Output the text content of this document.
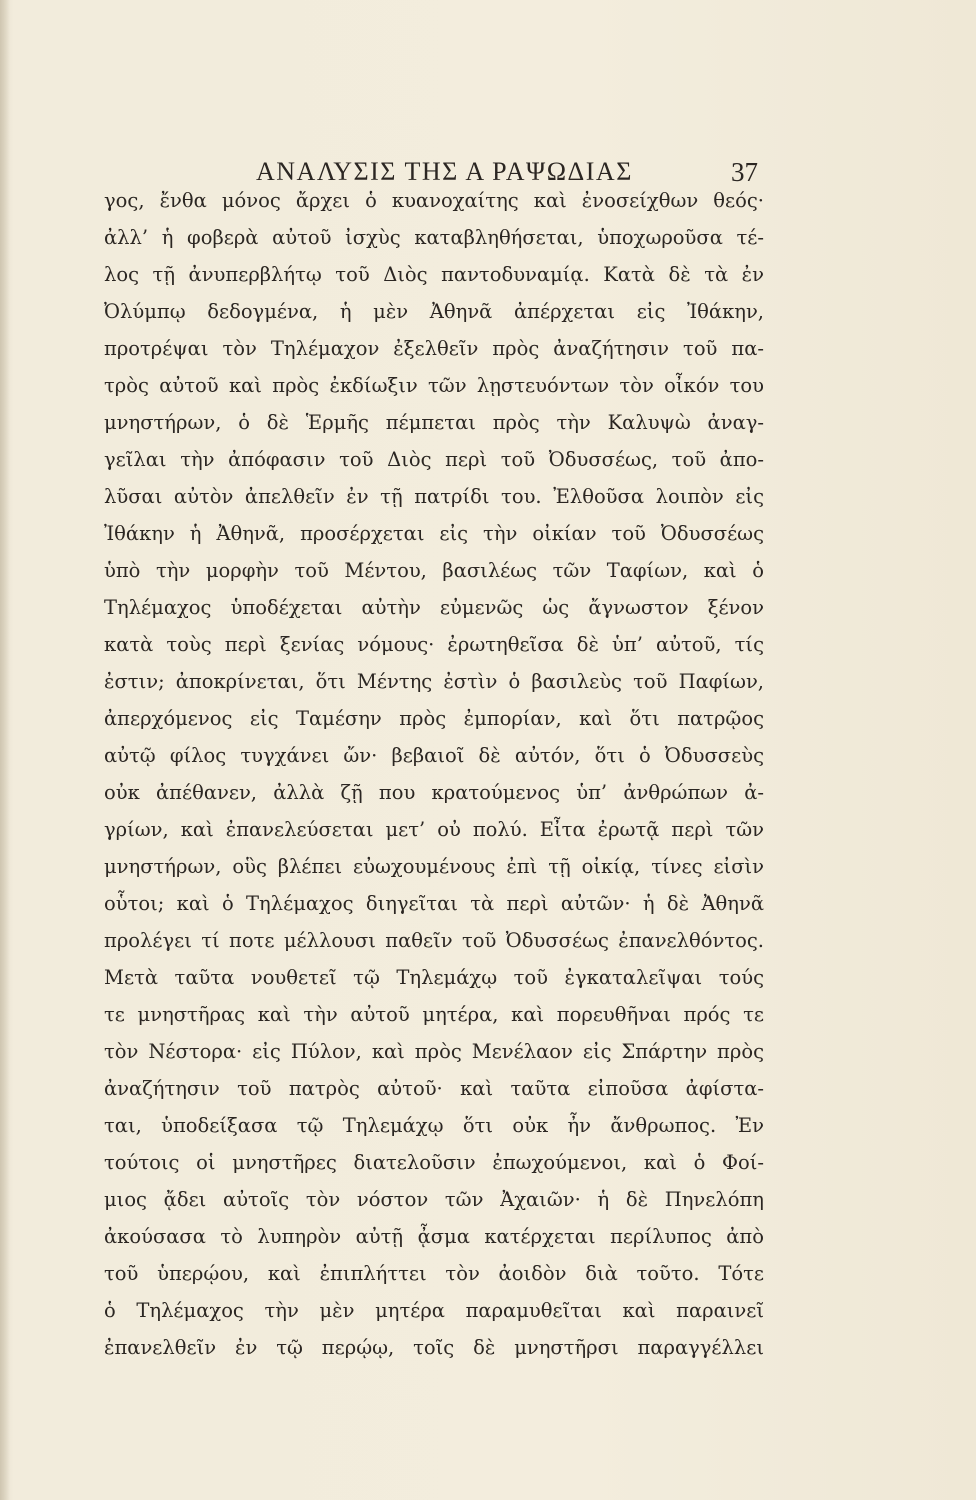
ΑΝΑΛΥΣΙΣ ΤΗΣ Α ΡΑΨΩΔΙΑΣ	37
γος, ἔνθα μόνος ἄρχει ὁ κυανοχαίτης καὶ ἐνοσείχθων θεός·
ἀλλ’ ἡ φοβερὰ αὐτοῦ ἰσχὺς καταβληθήσεται, ὑποχωροῦσα τέ-
λος τῇ ἀνυπερβλήτῳ τοῦ Διὸς παντοδυναμίᾳ. Κατὰ δὲ τὰ ἐν
Ὀλύμπῳ δεδογμένα, ἡ μὲν Ἀθηνᾶ ἀπέρχεται εἰς Ἰθάκην,
προτρέψαι τὸν Τηλέμαχον ἐξελθεῖν πρὸς ἀναζήτησιν τοῦ πα-
τρὸς αὐτοῦ καὶ πρὸς ἐκδίωξιν τῶν λῃστευόντων τὸν οἶκόν του
μνηστήρων, ὁ δὲ Ἑρμῆς πέμπεται πρὸς τὴν Καλυψὼ ἀναγ-
γεῖλαι τὴν ἀπόφασιν τοῦ Διὸς περὶ τοῦ Ὀδυσσέως, τοῦ ἀπο-
λῦσαι αὐτὸν ἀπελθεῖν ἐν τῇ πατρίδι του. Ἐλθοῦσα λοιπὸν εἰς
Ἰθάκην ἡ Ἀθηνᾶ, προσέρχεται εἰς τὴν οἰκίαν τοῦ Ὀδυσσέως
ὑπὸ τὴν μορφὴν τοῦ Μέντου, βασιλέως τῶν Ταφίων, καὶ ὁ
Τηλέμαχος ὑποδέχεται αὐτὴν εὐμενῶς ὡς ἄγνωστον ξένον
κατὰ τοὺς περὶ ξενίας νόμους· ἐρωτηθεῖσα δὲ ὑπ’ αὐτοῦ, τίς
ἐστιν; ἀποκρίνεται, ὅτι Μέντης ἐστὶν ὁ βασιλεὺς τοῦ Παφίων,
ἀπερχόμενος εἰς Ταμέσην πρὸς ἐμπορίαν, καὶ ὅτι πατρῷος
αὐτῷ φίλος τυγχάνει ὤν· βεβαιοῖ δὲ αὐτόν, ὅτι ὁ Ὀδυσσεὺς
οὐκ ἀπέθανεν, ἀλλὰ ζῇ που κρατούμενος ὑπ’ ἀνθρώπων ἀ-
γρίων, καὶ ἐπανελεύσεται μετ’ οὐ πολύ. Εἶτα ἐρωτᾷ περὶ τῶν
μνηστήρων, οὓς βλέπει εὐωχουμένους ἐπὶ τῇ οἰκίᾳ, τίνες εἰσὶν
οὗτοι; καὶ ὁ Τηλέμαχος διηγεῖται τὰ περὶ αὐτῶν· ἡ δὲ Ἀθηνᾶ
προλέγει τί ποτε μέλλουσι παθεῖν τοῦ Ὀδυσσέως ἐπανελθόντος.
Μετὰ ταῦτα νουθετεῖ τῷ Τηλεμάχῳ τοῦ ἐγκαταλεῖψαι τούς
τε μνηστῆρας καὶ τὴν αὐτοῦ μητέρα, καὶ πορευθῆναι πρός τε
τὸν Νέστορα· εἰς Πύλον, καὶ πρὸς Μενέλαον εἰς Σπάρτην πρὸς
ἀναζήτησιν τοῦ πατρὸς αὐτοῦ· καὶ ταῦτα εἰποῦσα ἀφίστα-
ται, ὑποδείξασα τῷ Τηλεμάχῳ ὅτι οὐκ ἦν ἄνθρωπος. Ἐν
τούτοις οἱ μνηστῆρες διατελοῦσιν ἐπωχούμενοι, καὶ ὁ Φοί-
μιος ᾄδει αὐτοῖς τὸν νόστον τῶν Ἀχαιῶν· ἡ δὲ Πηνελόπη
ἀκούσασα τὸ λυπηρὸν αὐτῇ ᾆσμα κατέρχεται περίλυπος ἀπὸ
τοῦ ὑπερῴου, καὶ ἐπιπλήττει τὸν ἀοιδὸν διὰ τοῦτο. Τότε
ὁ Τηλέμαχος τὴν μὲν μητέρα παραμυθεῖται καὶ παραινεῖ
ἐπανελθεῖν ἐν τῷ περῴῳ, τοῖς δὲ μνηστῆρσι παραγγέλλει
